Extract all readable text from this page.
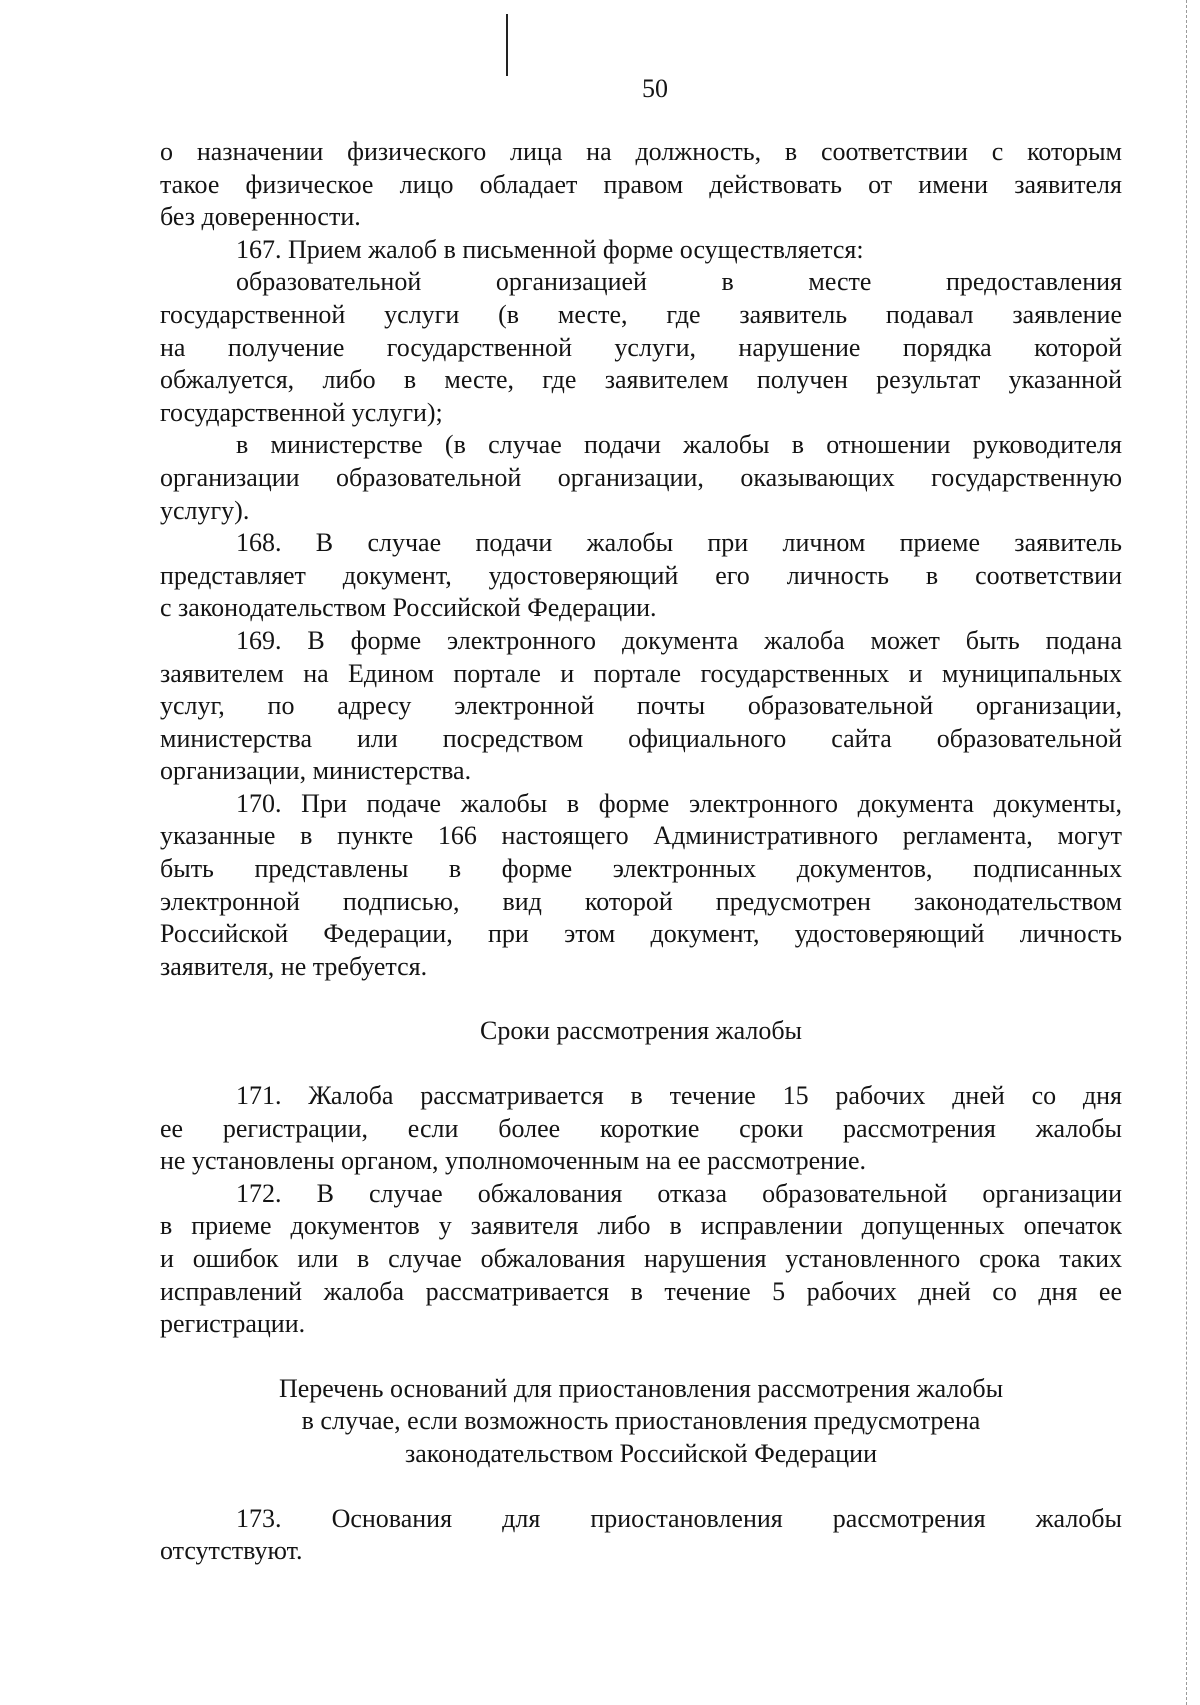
50

о назначении физического лица на должность, в соответствии с которым

такое физическое лицо обладает правом действовать от имени заявителя

без доверенности.

167. Прием жалоб в письменной форме осуществляется:

образовательной организацией в месте предоставления

государственной услуги (в месте, где заявитель подавал заявление

на получение государственной услуги, нарушение порядка которой

обжалуется, либо в месте, где заявителем получен результат указанной

государственной услуги);

в министерстве (в случае подачи жалобы в отношении руководителя

организации образовательной организации, оказывающих государственную

услугу).

168. В случае подачи жалобы при личном приеме заявитель

представляет документ, удостоверяющий его личность в соответствии

с законодательством Российской Федерации.

169. В форме электронного документа жалоба может быть подана

заявителем на Едином портале и портале государственных и муниципальных

услуг, по адресу электронной почты образовательной организации,

министерства или посредством официального сайта образовательной

организации, министерства.

170. При подаче жалобы в форме электронного документа документы,

указанные в пункте 166 настоящего Административного регламента, могут

быть представлены в форме электронных документов, подписанных

электронной подписью, вид которой предусмотрен законодательством

Российской Федерации, при этом документ, удостоверяющий личность

заявителя, не требуется.

Сроки рассмотрения жалобы

171. Жалоба рассматривается в течение 15 рабочих дней со дня

ее регистрации, если более короткие сроки рассмотрения жалобы

не установлены органом, уполномоченным на ее рассмотрение.

172. В случае обжалования отказа образовательной организации

в приеме документов у заявителя либо в исправлении допущенных опечаток

и ошибок или в случае обжалования нарушения установленного срока таких

исправлений жалоба рассматривается в течение 5 рабочих дней со дня ее

регистрации.

Перечень оснований для приостановления рассмотрения жалобы
в случае, если возможность приостановления предусмотрена
законодательством Российской Федерации

173. Основания для приостановления рассмотрения жалобы

отсутствуют.
